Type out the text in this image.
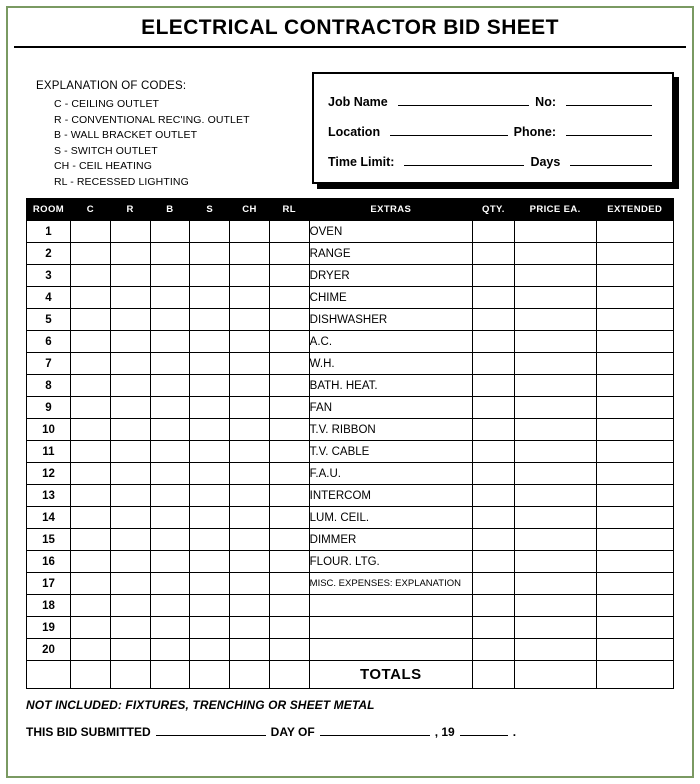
ELECTRICAL CONTRACTOR BID SHEET
EXPLANATION OF CODES:
C - CEILING OUTLET
R - CONVENTIONAL REC'ING. OUTLET
B - WALL BRACKET OUTLET
S - SWITCH OUTLET
CH - CEIL HEATING
RL - RECESSED LIGHTING
Job Name	No:
Location	Phone:
Time Limit:	Days
ROOM	C	R	B	S	CH	RL	EXTRAS	QTY.	PRICE EA.	EXTENDED
1							OVEN			
2							RANGE			
3							DRYER			
4							CHIME			
5							DISHWASHER			
6							A.C.			
7							W.H.			
8							BATH. HEAT.			
9							FAN			
10							T.V. RIBBON			
11							T.V. CABLE			
12							F.A.U.			
13							INTERCOM			
14							LUM. CEIL.			
15							DIMMER			
16							FLOUR. LTG.			
17							MISC. EXPENSES: EXPLANATION			
18										
19										
20										
							TOTALS			
NOT INCLUDED: FIXTURES, TRENCHING OR SHEET METAL
THIS BID SUBMITTED	DAY OF	, 19	.
